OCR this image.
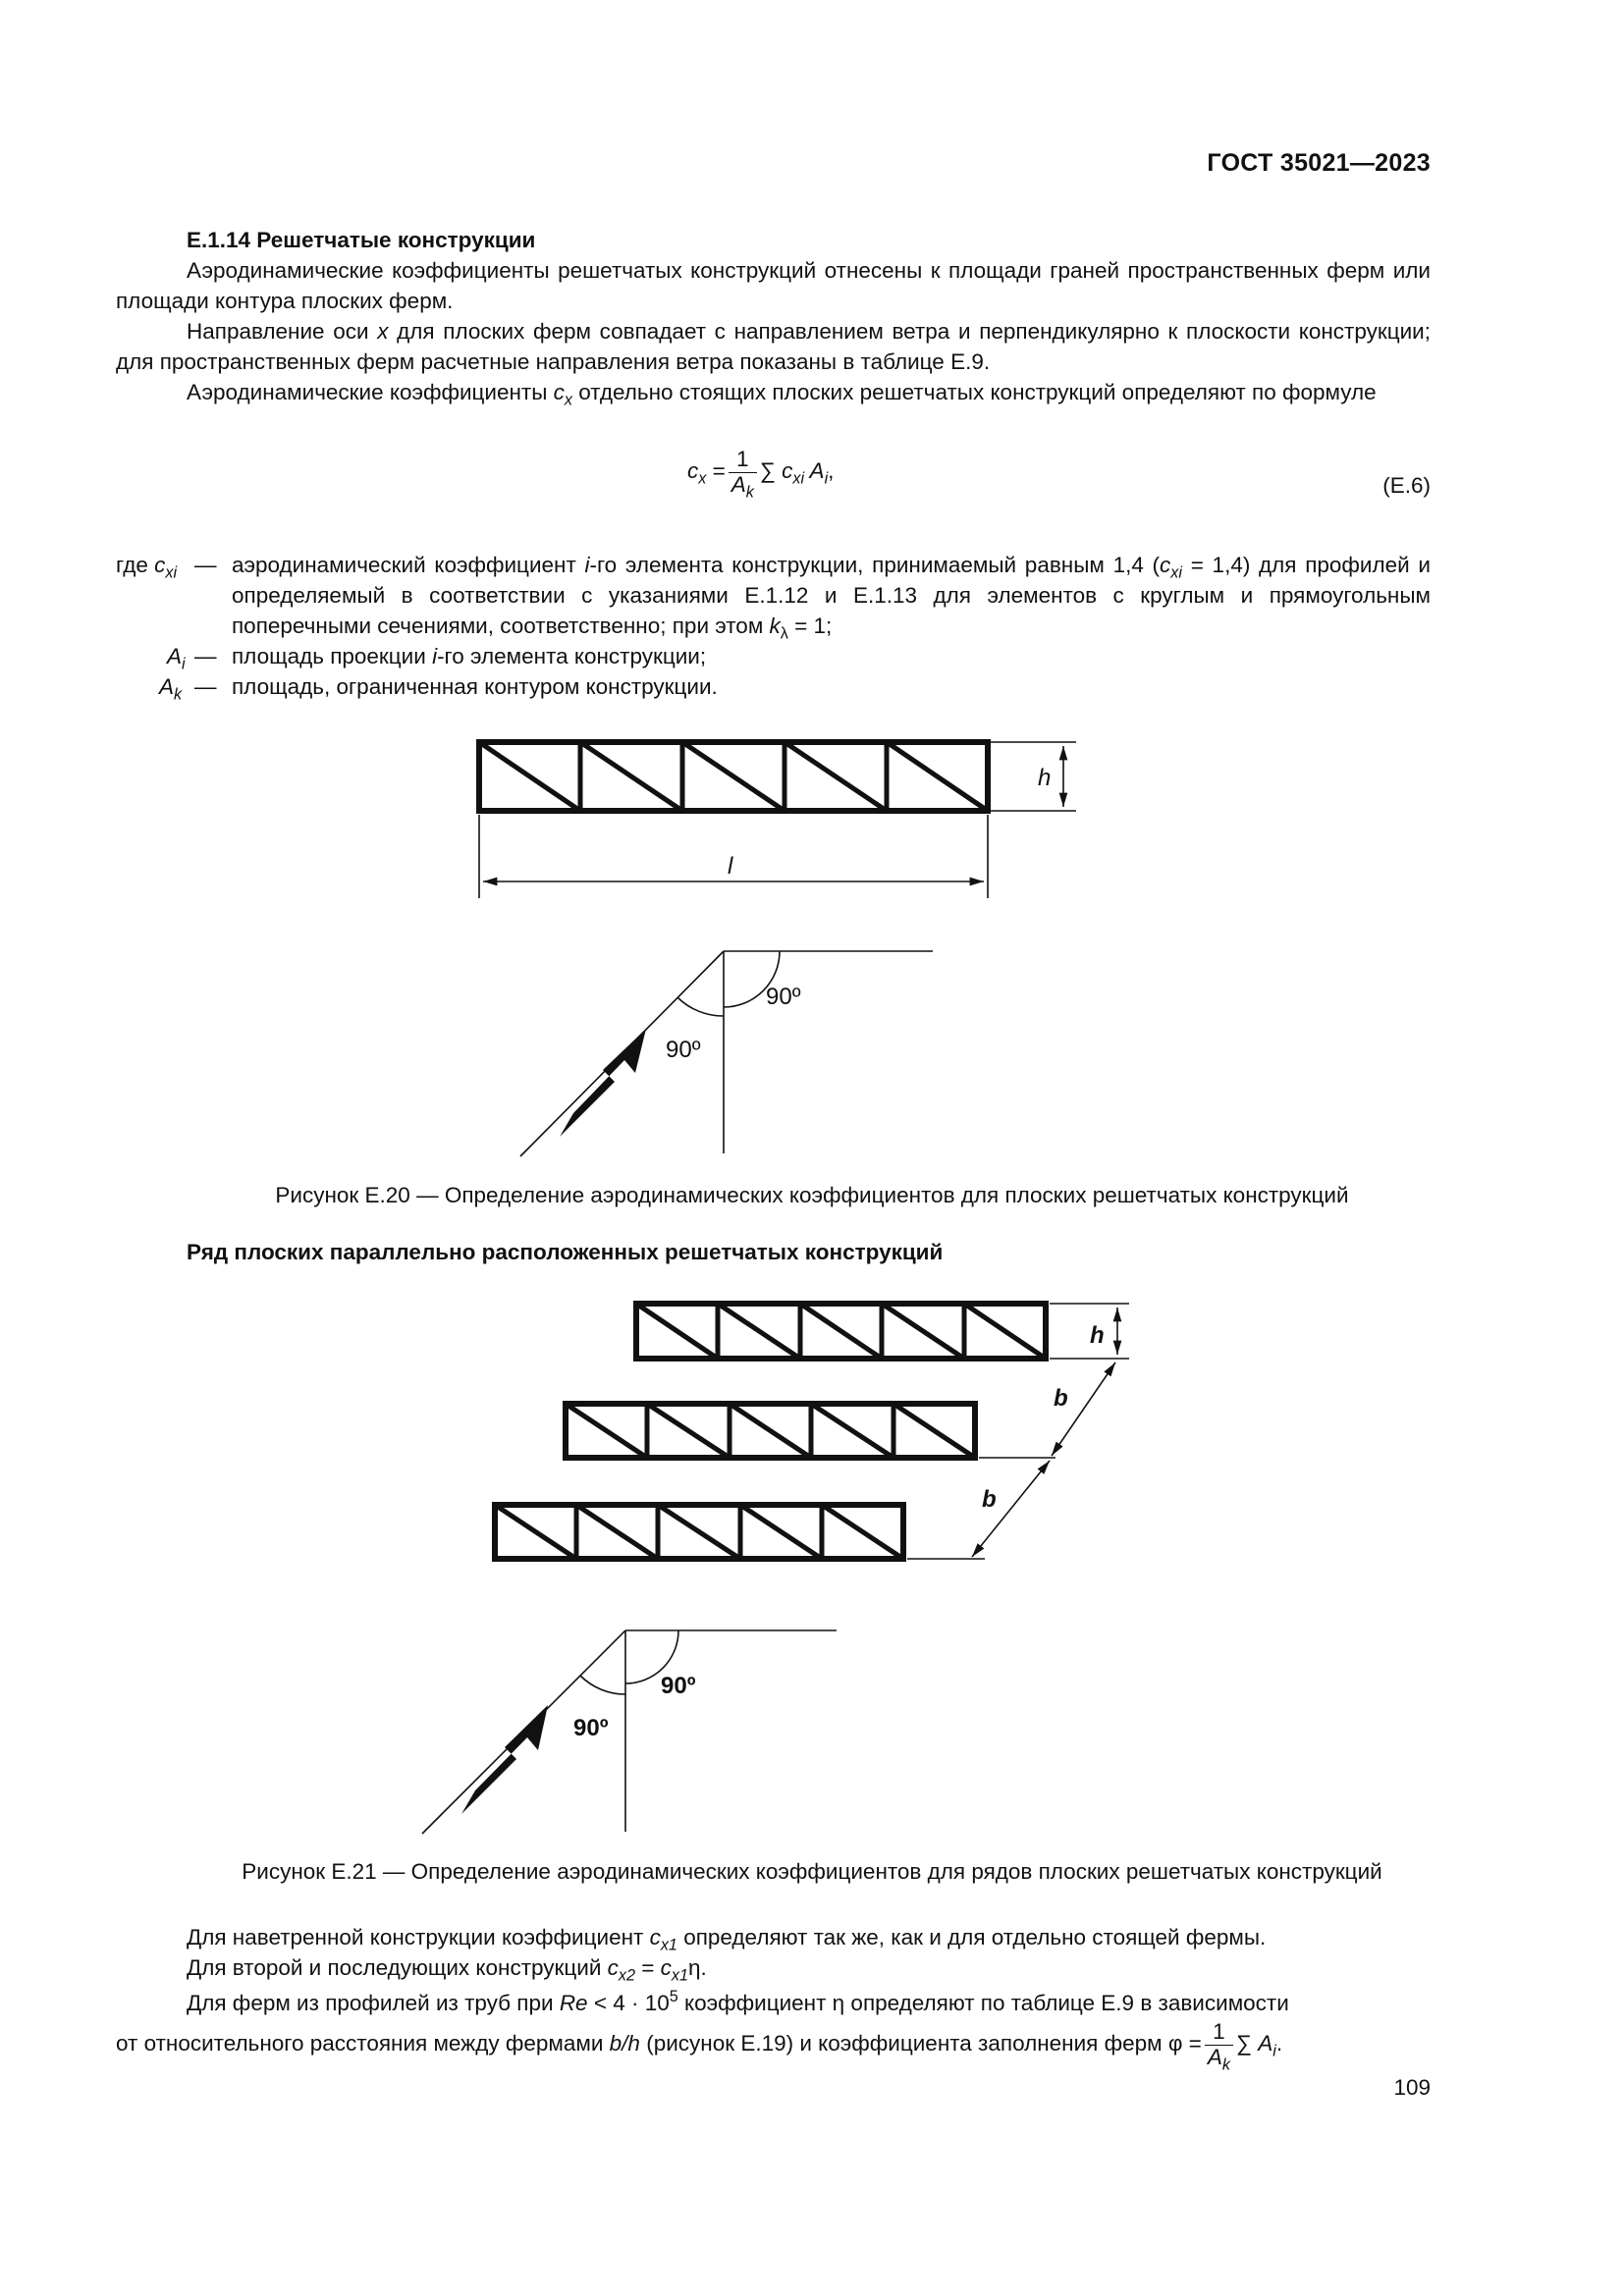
ГОСТ 35021—2023
Е.1.14 Решетчатые конструкции
Аэродинамические коэффициенты решетчатых конструкций отнесены к площади граней пространственных ферм или площади контура плоских ферм.
Направление оси x для плоских ферм совпадает с направлением ветра и перпендикулярно к плоскости конструкции; для пространственных ферм расчетные направления ветра показаны в таблице Е.9.
Аэродинамические коэффициенты $c_x$ отдельно стоящих плоских решетчатых конструкций определяют по формуле
$c_x = \frac{1}{A_k}$ ∑ $c_{xi}$ $A_i$,
(Е.6)
где $c_{xi}$ — аэродинамический коэффициент i-го элемента конструкции, принимаемый равным 1,4 $(c_{xi} = 1,4)$ для профилей и определяемый в соответствии с указаниями Е.1.12 и Е.1.13 для элементов с круглым и прямоугольным поперечными сечениями, соответственно; при этом $k_\lambda = 1$;
$A_i$ — площадь проекции i-го элемента конструкции;
$A_k$ — площадь, ограниченная контуром конструкции.
h
l
90º
90º
h
b
b
90º
90º
Рисунок Е.20 — Определение аэродинамических коэффициентов для плоских решетчатых конструкций
Ряд плоских параллельно расположенных решетчатых конструкций
Рисунок Е.21 — Определение аэродинамических коэффициентов для рядов плоских решетчатых конструкций
Для наветренной конструкции коэффициент $c_{x1}$ определяют так же, как и для отдельно стоящей фермы.
Для второй и последующих конструкций $c_{x2} = c_{x1}\eta$.
Для ферм из профилей из труб при $Re < 4 \cdot 10^5$ коэффициент η определяют по таблице Е.9 в зависимости
от относительного расстояния между фермами b/h (рисунок Е.19) и коэффициента заполнения ферм $\varphi = \frac{1}{A_k}$ ∑ $A_i$.
109
